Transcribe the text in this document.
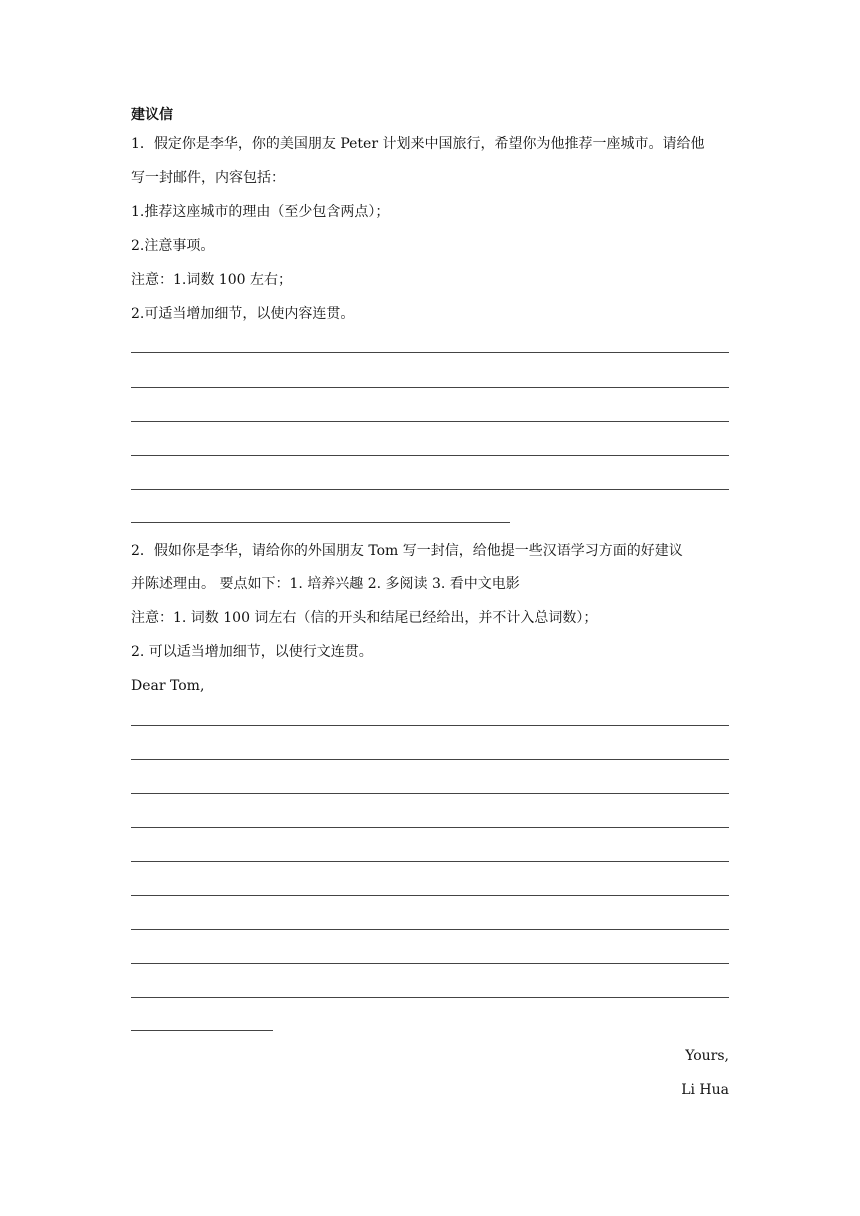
建议信
1．假定你是李华，你的美国朋友 Peter 计划来中国旅行，希望你为他推荐一座城市。请给他
写一封邮件，内容包括：
1.推荐这座城市的理由（至少包含两点）；
2.注意事项。
注意：1.词数 100 左右；
2.可适当增加细节，以使内容连贯。
2．假如你是李华，请给你的外国朋友 Tom 写一封信，给他提一些汉语学习方面的好建议
并陈述理由。 要点如下：1. 培养兴趣 2. 多阅读 3. 看中文电影
注意：1. 词数 100 词左右（信的开头和结尾已经给出，并不计入总词数）；
2. 可以适当增加细节，以使行文连贯。
Dear Tom,
Yours,
Li Hua
